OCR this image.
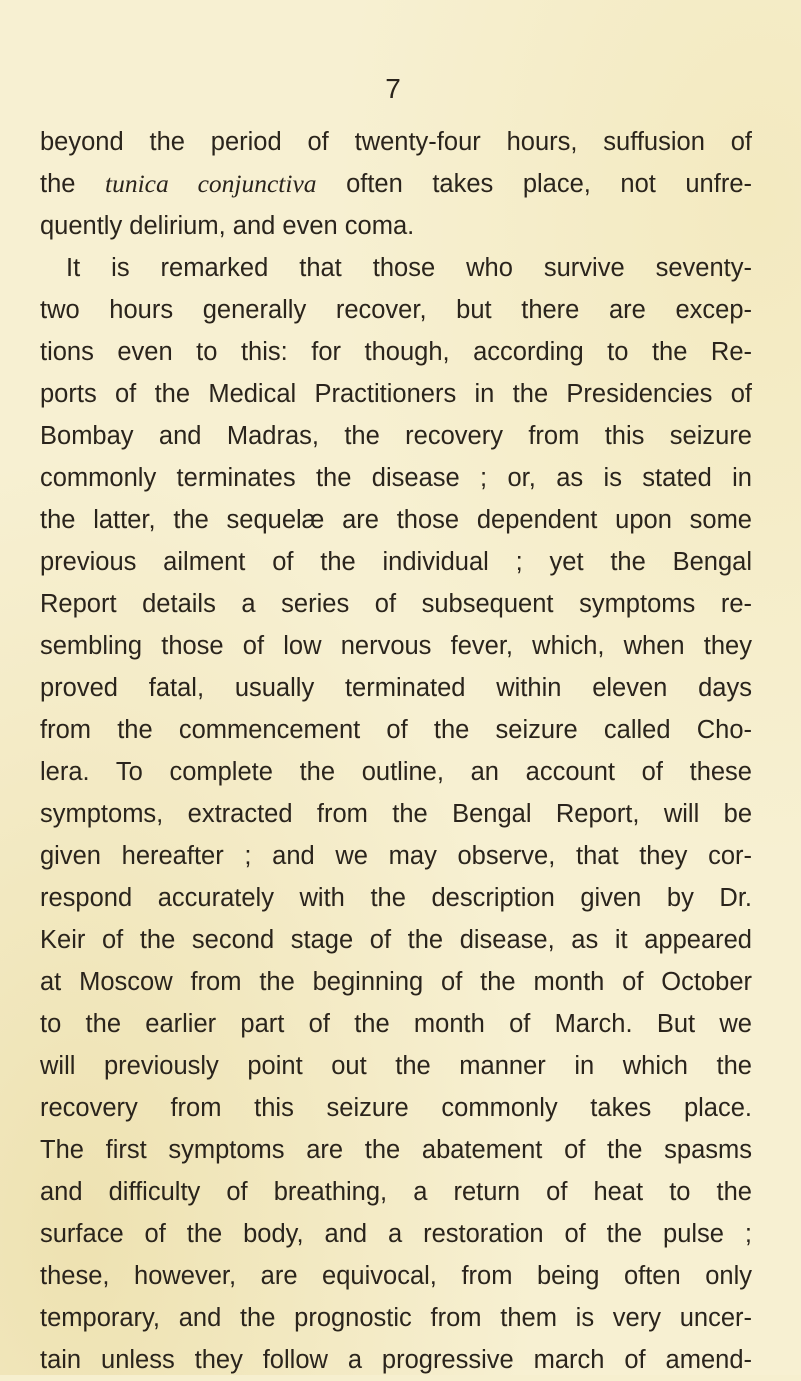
7
beyond the period of twenty-four hours, suffusion of
the tunica conjunctiva often takes place, not unfre-
quently delirium, and even coma.
It is remarked that those who survive seventy-
two hours generally recover, but there are excep-
tions even to this: for though, according to the Re-
ports of the Medical Practitioners in the Presidencies of
Bombay and Madras, the recovery from this seizure
commonly terminates the disease ; or, as is stated in
the latter, the sequelæ are those dependent upon some
previous ailment of the individual ; yet the Bengal
Report details a series of subsequent symptoms re-
sembling those of low nervous fever, which, when they
proved fatal, usually terminated within eleven days
from the commencement of the seizure called Cho-
lera. To complete the outline, an account of these
symptoms, extracted from the Bengal Report, will be
given hereafter ; and we may observe, that they cor-
respond accurately with the description given by Dr.
Keir of the second stage of the disease, as it appeared
at Moscow from the beginning of the month of October
to the earlier part of the month of March. But we
will previously point out the manner in which the
recovery from this seizure commonly takes place.
The first symptoms are the abatement of the spasms
and difficulty of breathing, a return of heat to the
surface of the body, and a restoration of the pulse ;
these, however, are equivocal, from being often only
temporary, and the prognostic from them is very uncer-
tain unless they follow a progressive march of amend-
